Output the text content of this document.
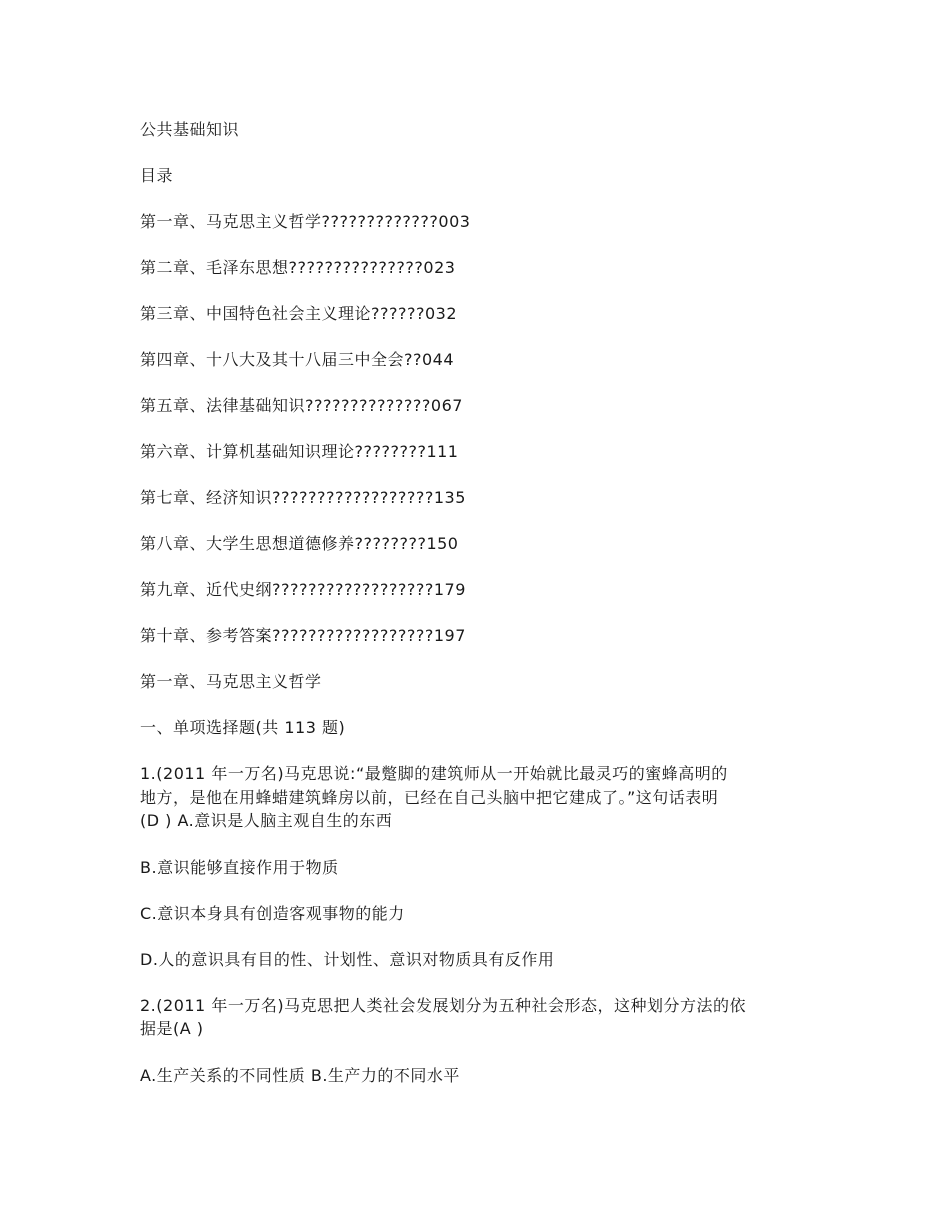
公共基础知识

目录

第一章、马克思主义哲学?????????????003

第二章、毛泽东思想???????????????023

第三章、中国特色社会主义理论??????032

第四章、十八大及其十八届三中全会??044

第五章、法律基础知识??????????????067

第六章、计算机基础知识理论????????111

第七章、经济知识??????????????????135

第八章、大学生思想道德修养????????150

第九章、近代史纲??????????????????179

第十章、参考答案??????????????????197

第一章、马克思主义哲学

一、单项选择题(共 113 题)

1.(2011 年一万名)马克思说:“最蹩脚的建筑师从一开始就比最灵巧的蜜蜂高明的
地方，是他在用蜂蜡建筑蜂房以前，已经在自己头脑中把它建成了。”这句话表明
(D ) A.意识是人脑主观自生的东西

B.意识能够直接作用于物质

C.意识本身具有创造客观事物的能力

D.人的意识具有目的性、计划性、意识对物质具有反作用

2.(2011 年一万名)马克思把人类社会发展划分为五种社会形态，这种划分方法的依
据是(A )

A.生产关系的不同性质 B.生产力的不同水平
